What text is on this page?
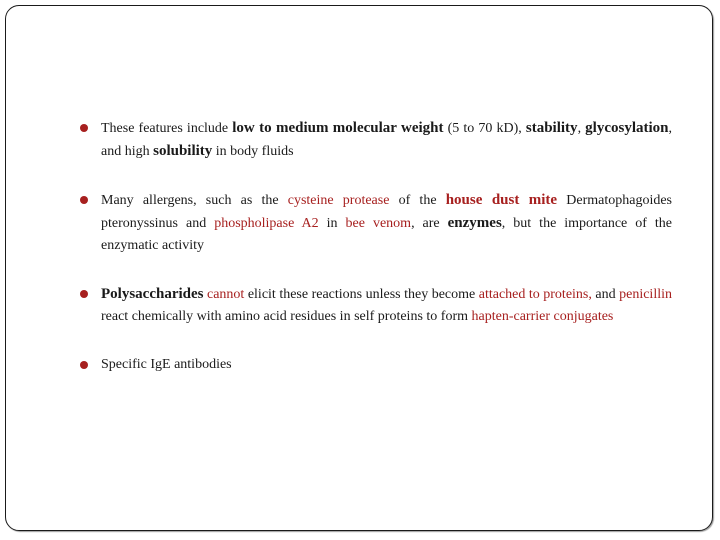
These features include low to medium molecular weight (5 to 70 kD), stability, glycosylation, and high solubility in body fluids
Many allergens, such as the cysteine protease of the house dust mite Dermatophagoides pteronyssinus and phospholipase A2 in bee venom, are enzymes, but the importance of the enzymatic activity
Polysaccharides cannot elicit these reactions unless they become attached to proteins, and penicillin react chemically with amino acid residues in self proteins to form hapten-carrier conjugates
Specific IgE antibodies
